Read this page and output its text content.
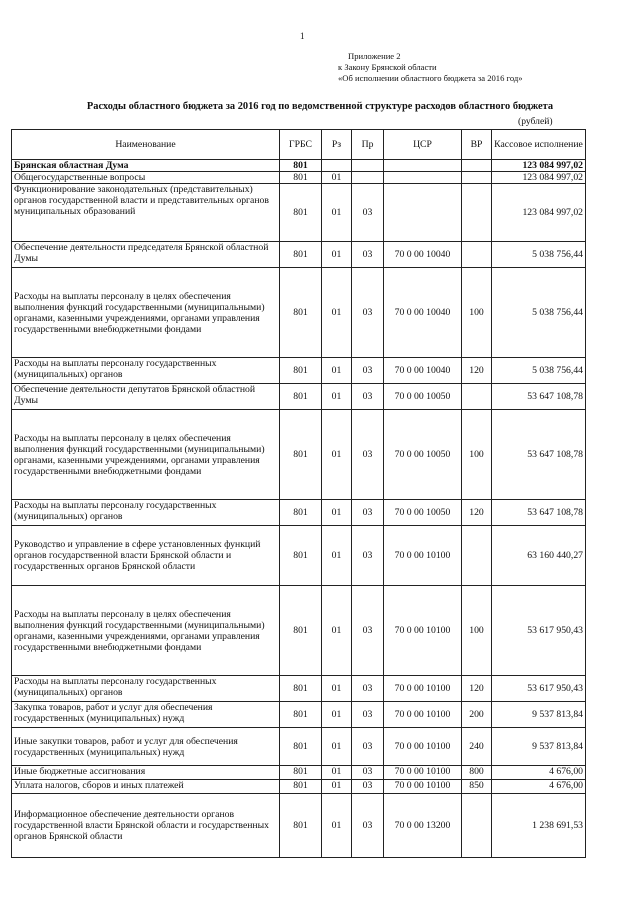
1
Приложение 2
к Закону Брянской области
«Об исполнении областного бюджета за 2016 год»
Расходы областного бюджета за 2016 год по ведомственной структуре расходов областного бюджета
(рублей)
Наименование	ГРБС	Рз	Пр	ЦСР	ВР	Кассовое исполнение
Брянская областная Дума	801					123 084 997,02
Общегосударственные вопросы	801	01				123 084 997,02
Функционирование законодательных (представительных) органов государственной власти и представительных органов муниципальных образований	801	01	03			123 084 997,02
Обеспечение деятельности председателя Брянской областной Думы	801	01	03	70 0 00 10040		5 038 756,44
Расходы на выплаты персоналу в целях обеспечения выполнения функций государственными (муниципальными) органами, казенными учреждениями, органами управления государственными внебюджетными фондами	801	01	03	70 0 00 10040	100	5 038 756,44
Расходы на выплаты персоналу государственных (муниципальных) органов	801	01	03	70 0 00 10040	120	5 038 756,44
Обеспечение деятельности депутатов Брянской областной Думы	801	01	03	70 0 00 10050		53 647 108,78
Расходы на выплаты персоналу в целях обеспечения выполнения функций государственными (муниципальными) органами, казенными учреждениями, органами управления государственными внебюджетными фондами	801	01	03	70 0 00 10050	100	53 647 108,78
Расходы на выплаты персоналу государственных (муниципальных) органов	801	01	03	70 0 00 10050	120	53 647 108,78
Руководство и управление в сфере установленных функций органов государственной власти Брянской области и государственных органов Брянской области	801	01	03	70 0 00 10100		63 160 440,27
Расходы на выплаты персоналу в целях обеспечения выполнения функций государственными (муниципальными) органами, казенными учреждениями, органами управления государственными внебюджетными фондами	801	01	03	70 0 00 10100	100	53 617 950,43
Расходы на выплаты персоналу государственных (муниципальных) органов	801	01	03	70 0 00 10100	120	53 617 950,43
Закупка товаров, работ и услуг для обеспечения государственных (муниципальных) нужд	801	01	03	70 0 00 10100	200	9 537 813,84
Иные закупки товаров, работ и услуг для обеспечения государственных (муниципальных) нужд	801	01	03	70 0 00 10100	240	9 537 813,84
Иные бюджетные ассигнования	801	01	03	70 0 00 10100	800	4 676,00
Уплата налогов, сборов и иных платежей	801	01	03	70 0 00 10100	850	4 676,00
Информационное обеспечение деятельности органов государственной власти Брянской области и государственных органов Брянской области	801	01	03	70 0 00 13200		1 238 691,53
